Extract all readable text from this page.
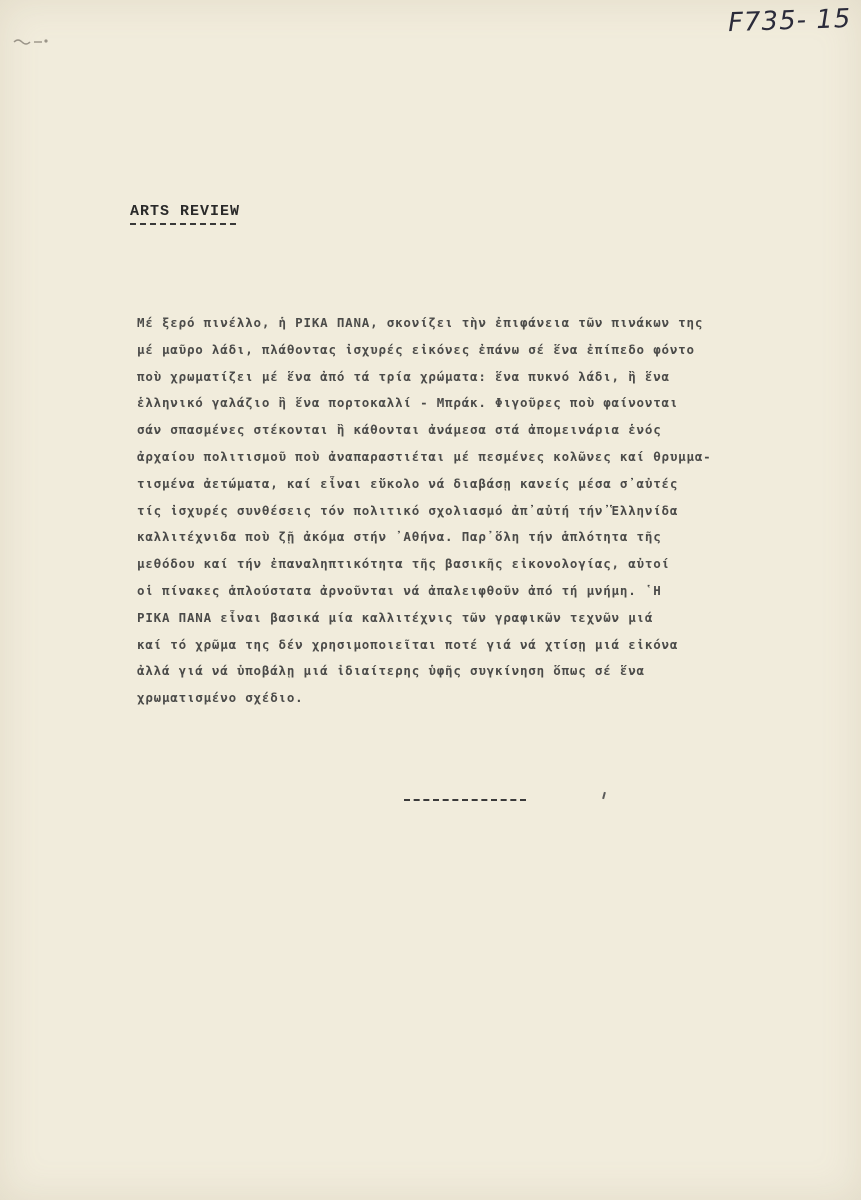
F735- 15
ARTS REVIEW
Μέ ξερό πινέλλο, ἡ ΡΙΚΑ ΠΑΝΑ, σκονίζει τὴν ἐπιφάνεια τῶν πινάκων της
μέ μαῦρο λάδι, πλάθοντας ἰσχυρές εἰκόνες ἐπάνω σέ ἕνα ἐπίπεδο φόντο
ποὺ χρωματίζει μέ ἕνα ἀπό τά τρία χρώματα: ἕνα πυκνό λάδι, ἢ ἕνα
ἑλληνικό γαλάζιο ἢ ἕνα πορτοκαλλί - Μπράκ. Φιγοῦρες ποὺ φαίνονται
σάν σπασμένες στέκονται ἢ κάθονται ἀνάμεσα στά ἀπομεινάρια ἑνός
ἀρχαίου πολιτισμοῦ ποὺ ἀναπαραστιέται μέ πεσμένες κολῶνες καί θρυμμα-
τισμένα ἀετώματα, καί εἶναι εὔκολο νά διαβάσῃ κανείς μέσα σ᾽αὐτές
τίς ἰσχυρές συνθέσεις τόν πολιτικό σχολιασμό ἀπ᾽αὐτή τήν᾽Ἑλληνίδα
καλλιτέχνιδα ποὺ ζῇ ἀκόμα στήν ᾽Αθήνα. Παρ᾽ὅλη τήν ἁπλότητα τῆς
μεθόδου καί τήν ἐπαναληπτικότητα τῆς βασικῆς εἰκονολογίας, αὐτοί
οἱ πίνακες ἁπλούστατα ἀρνοῦνται νά ἀπαλειφθοῦν ἀπό τή μνήμη. ῾Η
ΡΙΚΑ ΠΑΝΑ εἶναι βασικά μία καλλιτέχνις τῶν γραφικῶν τεχνῶν μιά
καί τό χρῶμα της δέν χρησιμοποιεῖται ποτέ γιά νά χτίσῃ μιά εἰκόνα
ἀλλά γιά νά ὑποβάλῃ μιά ἰδιαίτερης ὑφῆς συγκίνηση ὅπως σέ ἕνα
χρωματισμένο σχέδιο.
